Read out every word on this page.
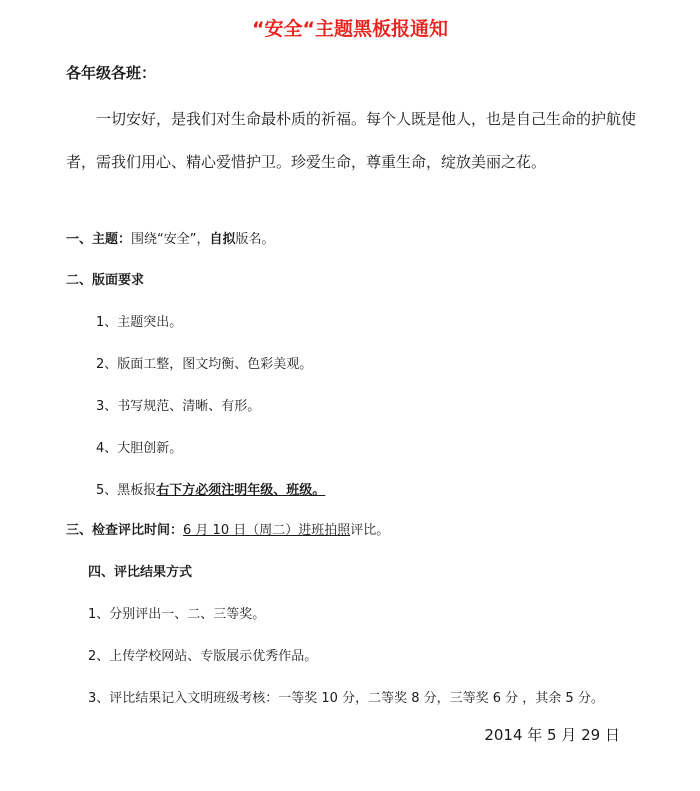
“安全“主题黑板报通知
各年级各班：
一切安好，是我们对生命最朴质的祈福。每个人既是他人，也是自己生命的护航使者，需我们用心、精心爱惜护卫。珍爱生命，尊重生命，绽放美丽之花。
一、主题：围绕“安全”，自拟版名。
二、版面要求
1、主题突出。
2、版面工整，图文均衡、色彩美观。
3、书写规范、清晰、有形。
4、大胆创新。
5、黑板报右下方必须注明年级、班级。
三、检查评比时间：6 月 10 日（周二）进班拍照评比。
四、评比结果方式
1、分别评出一、二、三等奖。
2、上传学校网站、专版展示优秀作品。
3、评比结果记入文明班级考核：一等奖 10 分，二等奖 8 分，三等奖 6 分 ，其余 5 分。
2014 年 5 月 29 日
